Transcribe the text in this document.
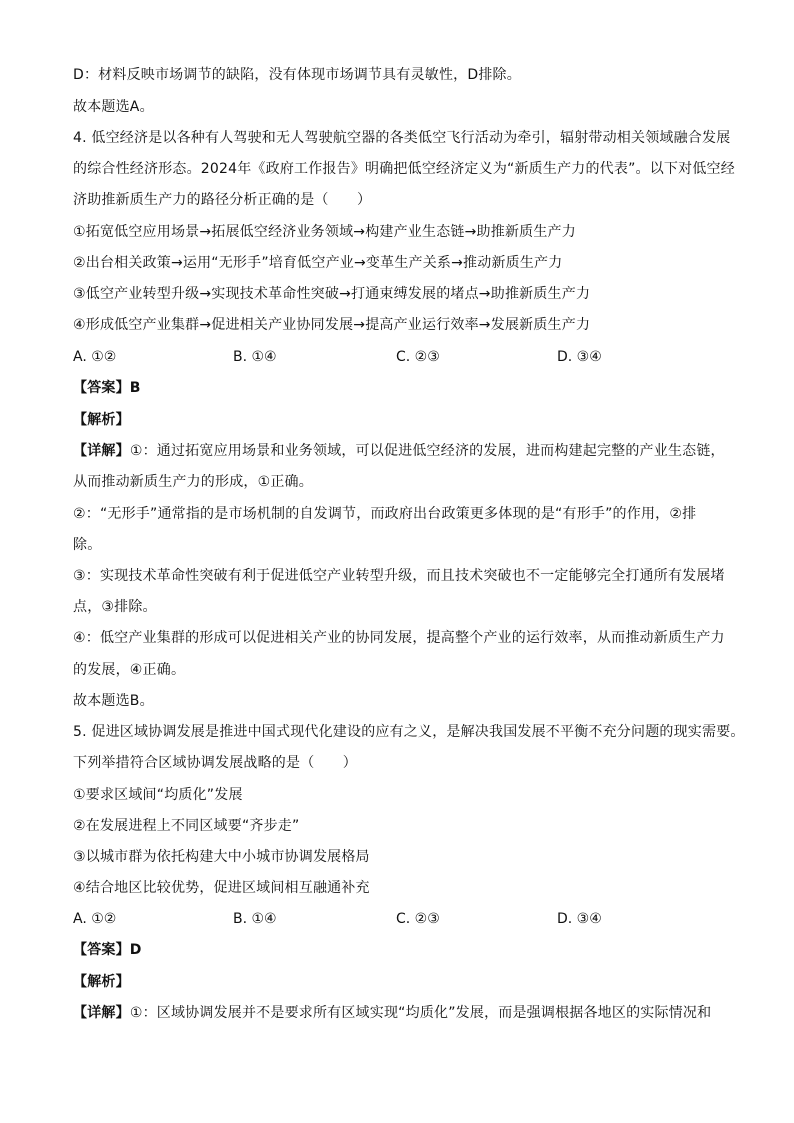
D：材料反映市场调节的缺陷，没有体现市场调节具有灵敏性，D排除。
故本题选A。
4. 低空经济是以各种有人驾驶和无人驾驶航空器的各类低空飞行活动为牵引，辐射带动相关领域融合发展
的综合性经济形态。2024年《政府工作报告》明确把低空经济定义为“新质生产力的代表”。以下对低空经
济助推新质生产力的路径分析正确的是（　　）
①拓宽低空应用场景→拓展低空经济业务领域→构建产业生态链→助推新质生产力
②出台相关政策→运用“无形手”培育低空产业→变革生产关系→推动新质生产力
③低空产业转型升级→实现技术革命性突破→打通束缚发展的堵点→助推新质生产力
④形成低空产业集群→促进相关产业协同发展→提高产业运行效率→发展新质生产力
A. ①②	B. ①④	C. ②③	D. ③④
【答案】B
【解析】
【详解】①：通过拓宽应用场景和业务领域，可以促进低空经济的发展，进而构建起完整的产业生态链，
从而推动新质生产力的形成，①正确。
②：“无形手”通常指的是市场机制的自发调节，而政府出台政策更多体现的是“有形手”的作用，②排
除。
③：实现技术革命性突破有利于促进低空产业转型升级，而且技术突破也不一定能够完全打通所有发展堵
点，③排除。
④：低空产业集群的形成可以促进相关产业的协同发展，提高整个产业的运行效率，从而推动新质生产力
的发展，④正确。
故本题选B。
5. 促进区域协调发展是推进中国式现代化建设的应有之义，是解决我国发展不平衡不充分问题的现实需要。
下列举措符合区域协调发展战略的是（　　）
①要求区域间“均质化”发展
②在发展进程上不同区域要“齐步走”
③以城市群为依托构建大中小城市协调发展格局
④结合地区比较优势，促进区域间相互融通补充
A. ①②	B. ①④	C. ②③	D. ③④
【答案】D
【解析】
【详解】①：区域协调发展并不是要求所有区域实现“均质化”发展，而是强调根据各地区的实际情况和
